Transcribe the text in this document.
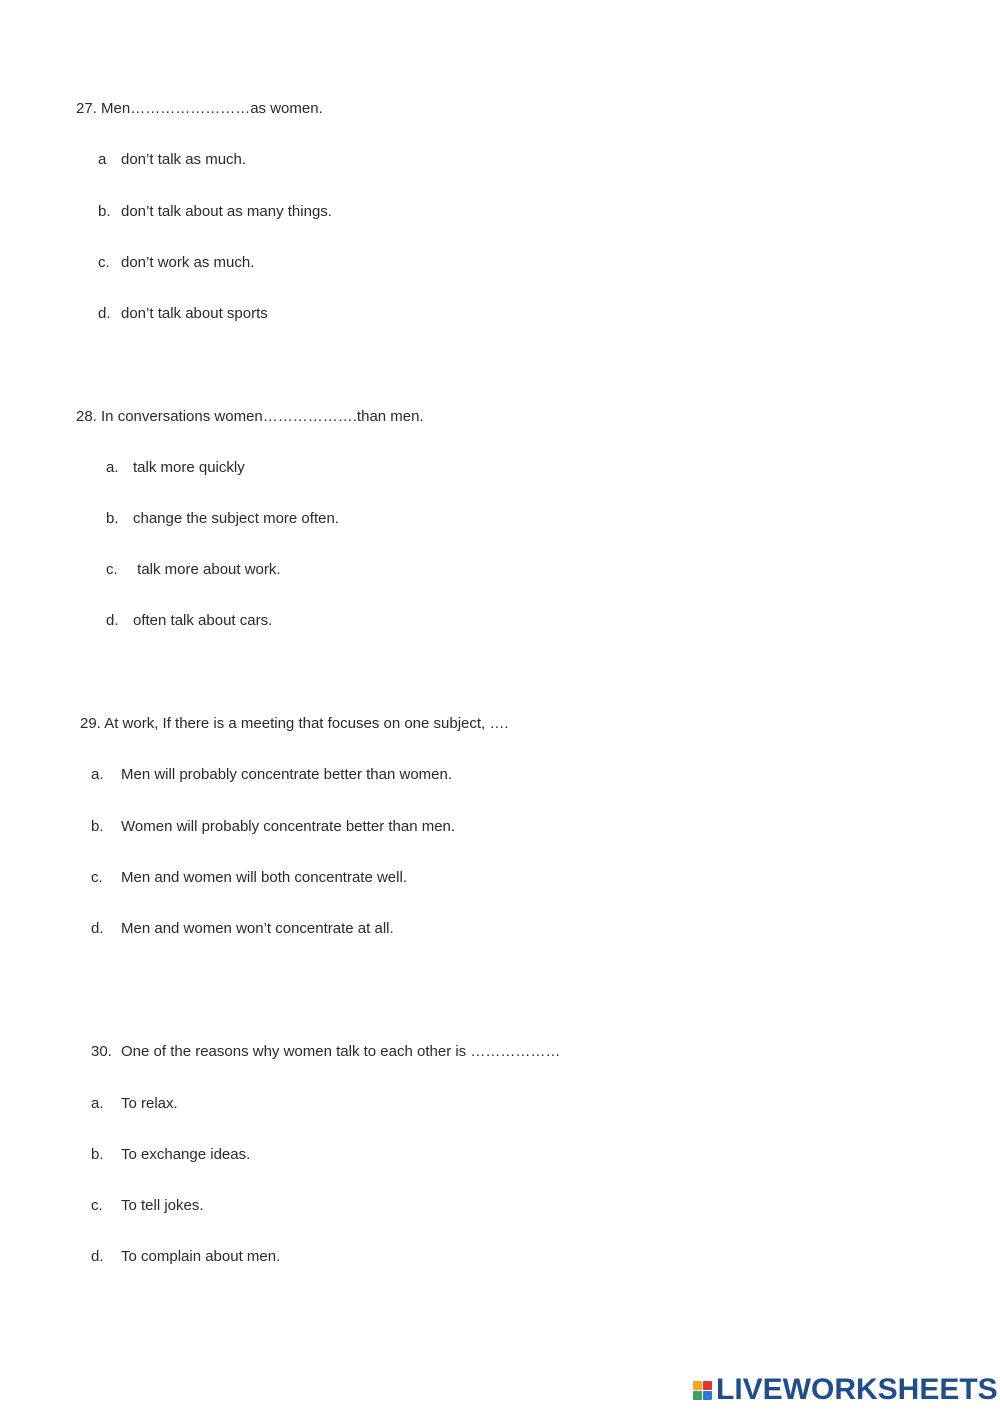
27. Men……………………as women.
a don’t talk as much.
b. don’t talk about as many things.
c. don’t work as much.
d. don’t talk about sports
28. In conversations women……………….than men.
a. talk more quickly
b. change the subject more often.
c. talk more about work.
d. often talk about cars.
29. At work, If there is a meeting that focuses on one subject, ….
a. Men will probably concentrate better than women.
b. Women will probably concentrate better than men.
c. Men and women will both concentrate well.
d. Men and women won’t concentrate at all.
30. One of the reasons why women talk to each other is ………………
a. To relax.
b. To exchange ideas.
c. To tell jokes.
d. To complain about men.
LIVEWORKSHEETS
